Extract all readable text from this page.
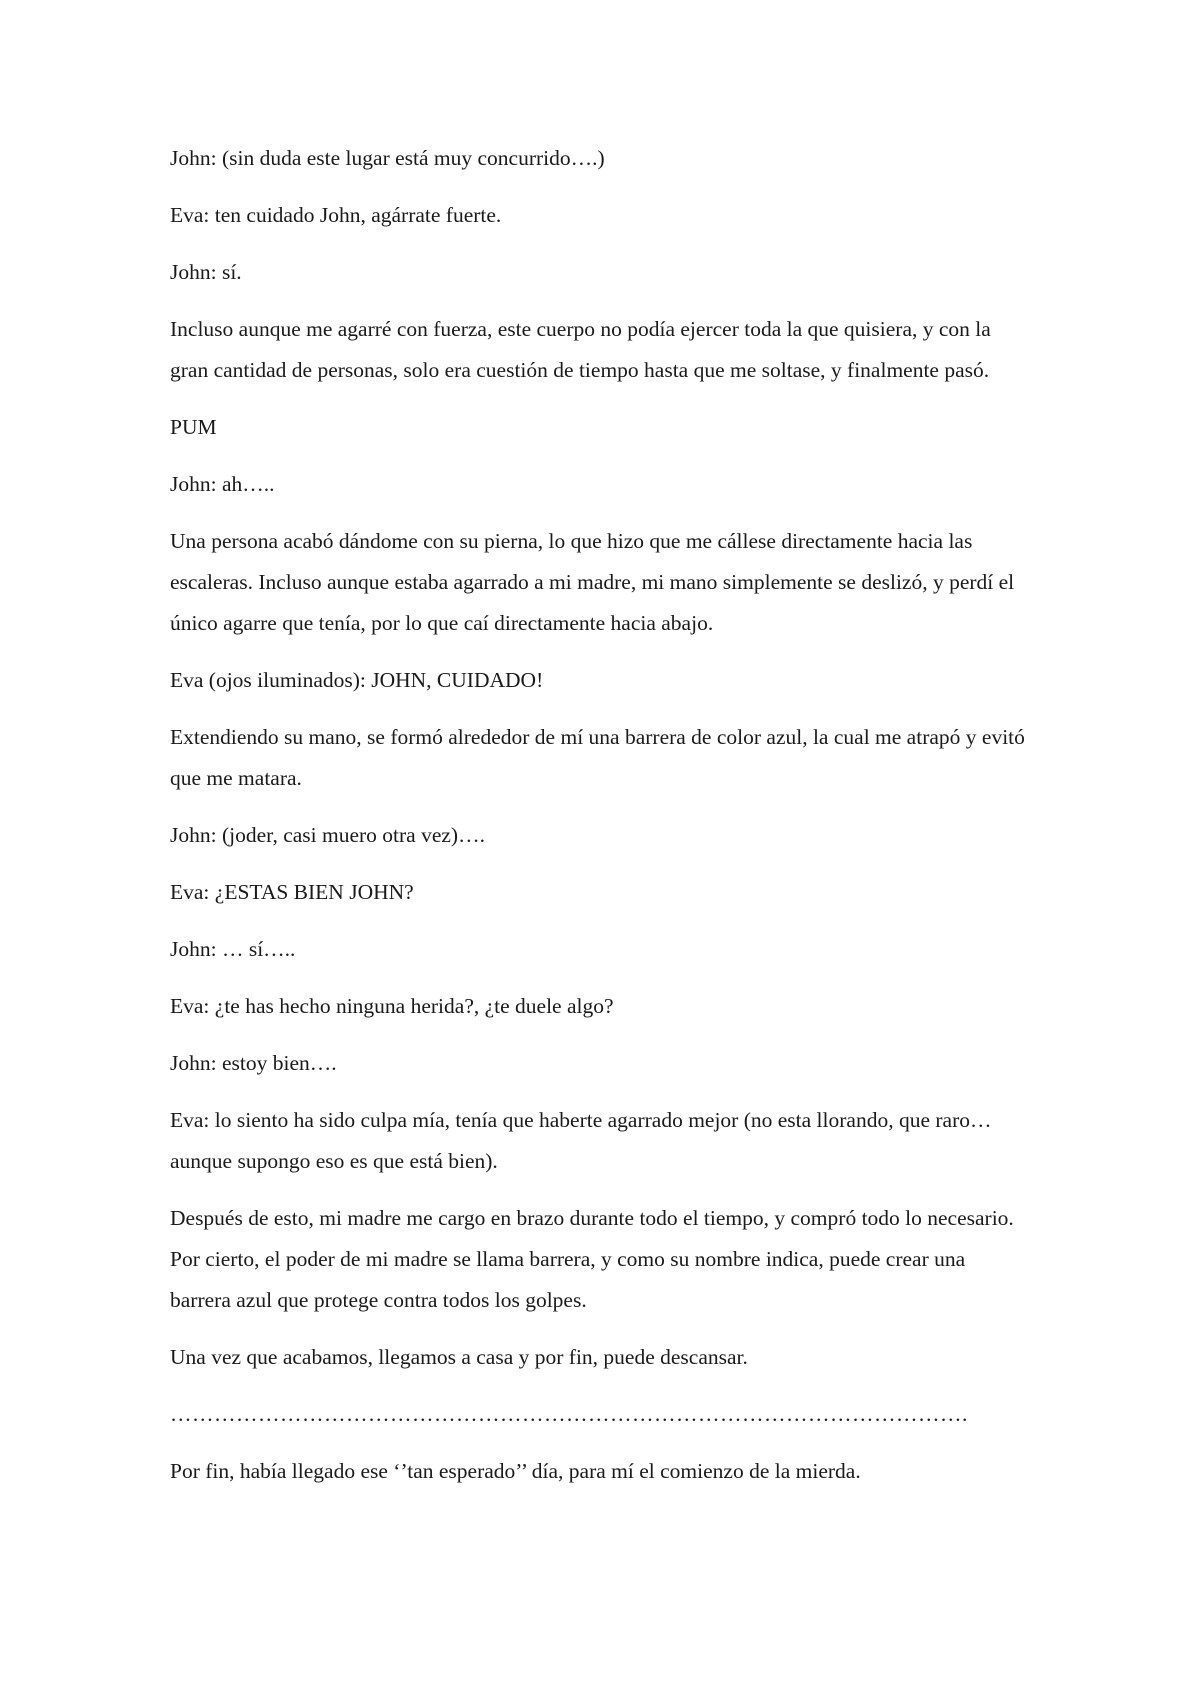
John: (sin duda este lugar está muy concurrido….)

Eva: ten cuidado John, agárrate fuerte.

John: sí.

Incluso aunque me agarré con fuerza, este cuerpo no podía ejercer toda la que quisiera, y con la gran cantidad de personas, solo era cuestión de tiempo hasta que me soltase, y finalmente pasó.

PUM

John: ah…..

Una persona acabó dándome con su pierna, lo que hizo que me cállese directamente hacia las escaleras. Incluso aunque estaba agarrado a mi madre, mi mano simplemente se deslizó, y perdí el único agarre que tenía, por lo que caí directamente hacia abajo.

Eva (ojos iluminados): JOHN, CUIDADO!

Extendiendo su mano, se formó alrededor de mí una barrera de color azul, la cual me atrapó y evitó que me matara.

John: (joder, casi muero otra vez)….

Eva: ¿ESTAS BIEN JOHN?

John: … sí…..

Eva: ¿te has hecho ninguna herida?, ¿te duele algo?

John: estoy bien….

Eva: lo siento ha sido culpa mía, tenía que haberte agarrado mejor (no esta llorando, que raro… aunque supongo eso es que está bien).

Después de esto, mi madre me cargo en brazo durante todo el tiempo, y compró todo lo necesario. Por cierto, el poder de mi madre se llama barrera, y como su nombre indica, puede crear una barrera azul que protege contra todos los golpes.

Una vez que acabamos, llegamos a casa y por fin, puede descansar.

……………………………………………………………………………………………….

Por fin, había llegado ese ‘’tan esperado’’ día, para mí el comienzo de la mierda.
